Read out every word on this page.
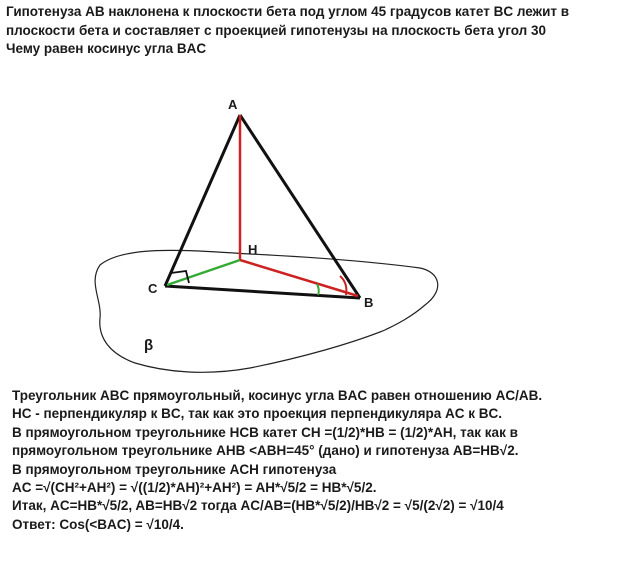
Гипотенуза AB наклонена к плоскости бета под углом 45 градусов катет BC лежит в
плоскости бета и составляет с проекцией гипотенузы на плоскость бета угол 30
Чему равен косинус угла BAC
A
H
C
B
β
Треугольник ABC прямоугольный, косинус угла BAC равен отношению AC/AB.
HC - перпендикуляр к BC, так как это проекция перпендикуляра AC к BC.
В прямоугольном треугольнике HCB катет CH =(1/2)*HB = (1/2)*AH, так как в
прямоугольном треугольнике AHB <ABH=45° (дано) и гипотенуза AB=HB√2.
В прямоугольном треугольнике ACH гипотенуза
AC =√(CH²+AH²) = √((1/2)*AH)²+AH²) = AH*√5/2 = HB*√5/2.
Итак, AC=HB*√5/2, AB=HB√2 тогда AC/AB=(HB*√5/2)/HB√2 = √5/(2√2) = √10/4
Ответ: Cos(<BAC) = √10/4.
